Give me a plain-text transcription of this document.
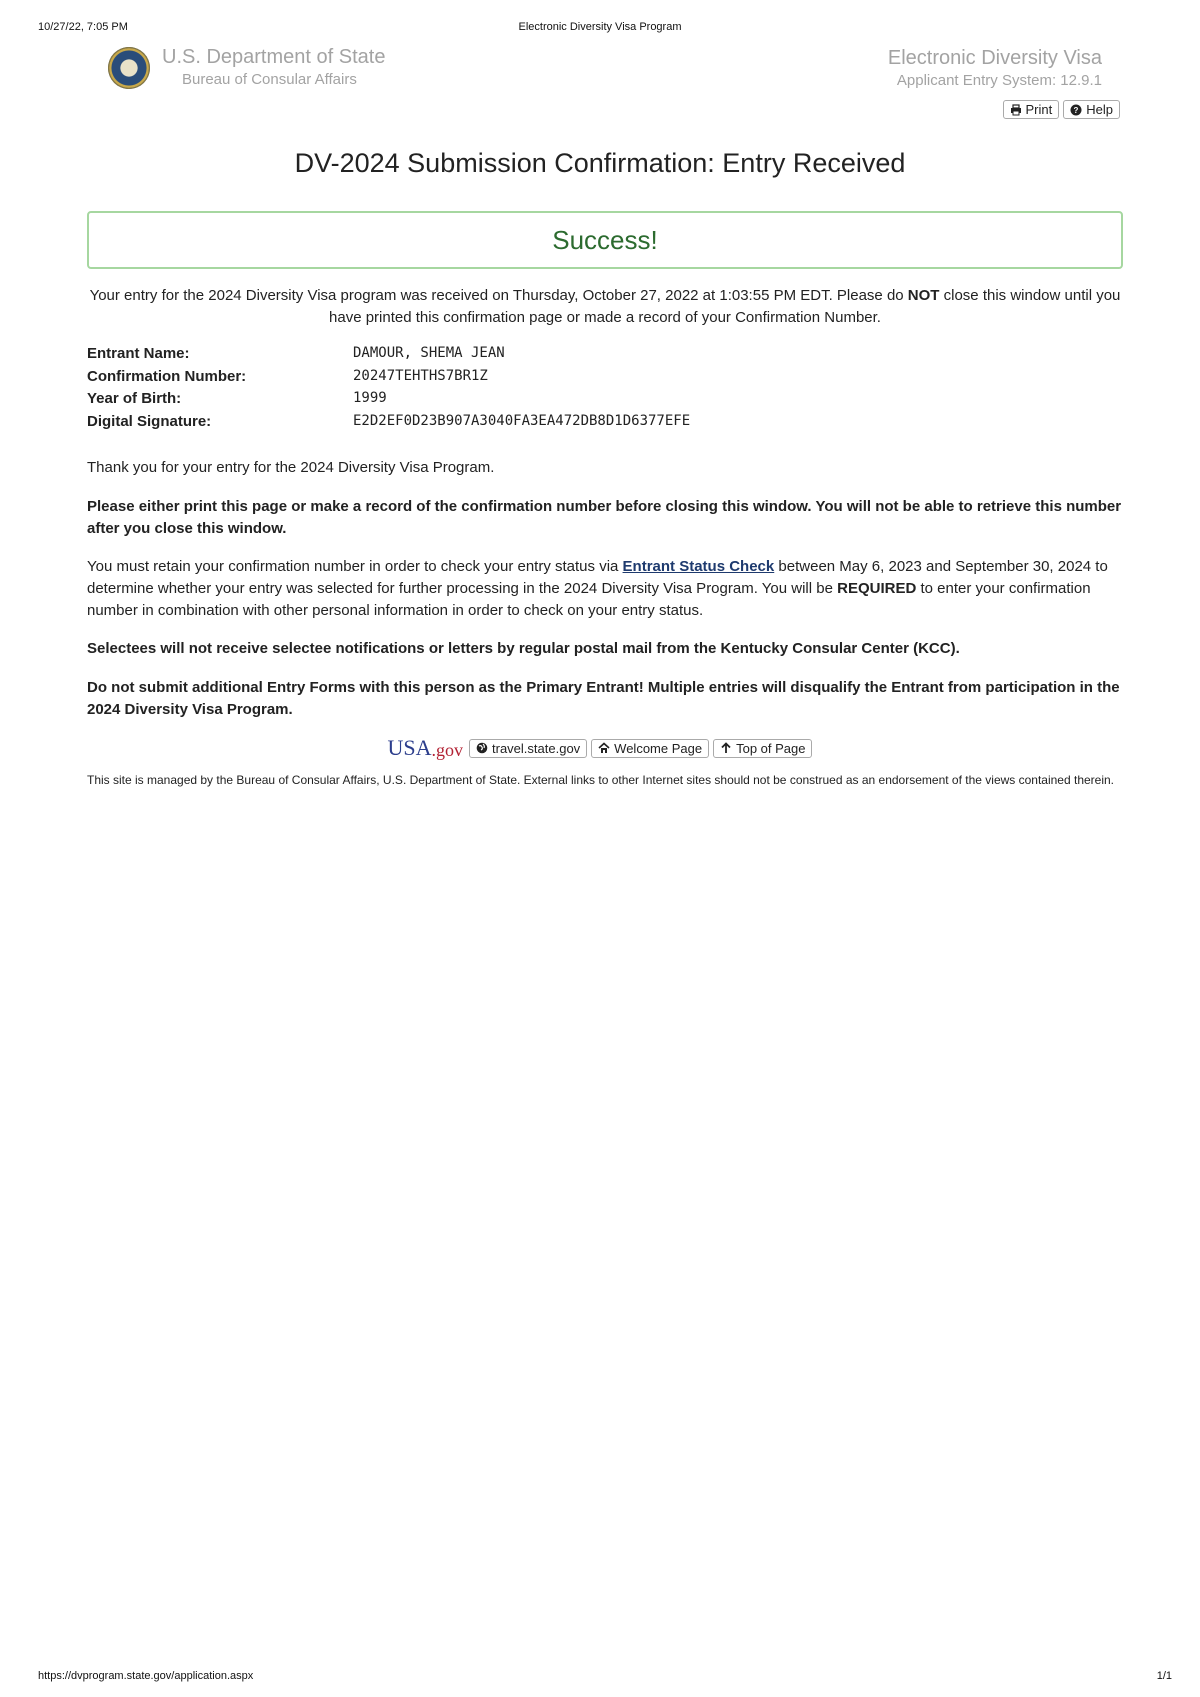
10/27/22, 7:05 PM	Electronic Diversity Visa Program
U.S. Department of State
Bureau of Consular Affairs
Electronic Diversity Visa
Applicant Entry System: 12.9.1
Print	? Help
DV-2024 Submission Confirmation: Entry Received
Success!
Your entry for the 2024 Diversity Visa program was received on Thursday, October 27, 2022 at 1:03:55 PM EDT. Please do NOT close this window until you have printed this confirmation page or made a record of your Confirmation Number.
Entrant Name:	DAMOUR, SHEMA JEAN
Confirmation Number:	20247TEHTHS7BR1Z
Year of Birth:	1999
Digital Signature:	E2D2EF0D23B907A3040FA3EA472DB8D1D6377EFE
Thank you for your entry for the 2024 Diversity Visa Program.
Please either print this page or make a record of the confirmation number before closing this window. You will not be able to retrieve this number after you close this window.
You must retain your confirmation number in order to check your entry status via Entrant Status Check between May 6, 2023 and September 30, 2024 to determine whether your entry was selected for further processing in the 2024 Diversity Visa Program. You will be REQUIRED to enter your confirmation number in combination with other personal information in order to check on your entry status.
Selectees will not receive selectee notifications or letters by regular postal mail from the Kentucky Consular Center (KCC).
Do not submit additional Entry Forms with this person as the Primary Entrant! Multiple entries will disqualify the Entrant from participation in the 2024 Diversity Visa Program.
USA .gov travel.state.gov	Welcome Page	Top of Page
This site is managed by the Bureau of Consular Affairs, U.S. Department of State. External links to other Internet sites should not be construed as an endorsement of the views contained therein.
https://dvprogram.state.gov/application.aspx	1/1
